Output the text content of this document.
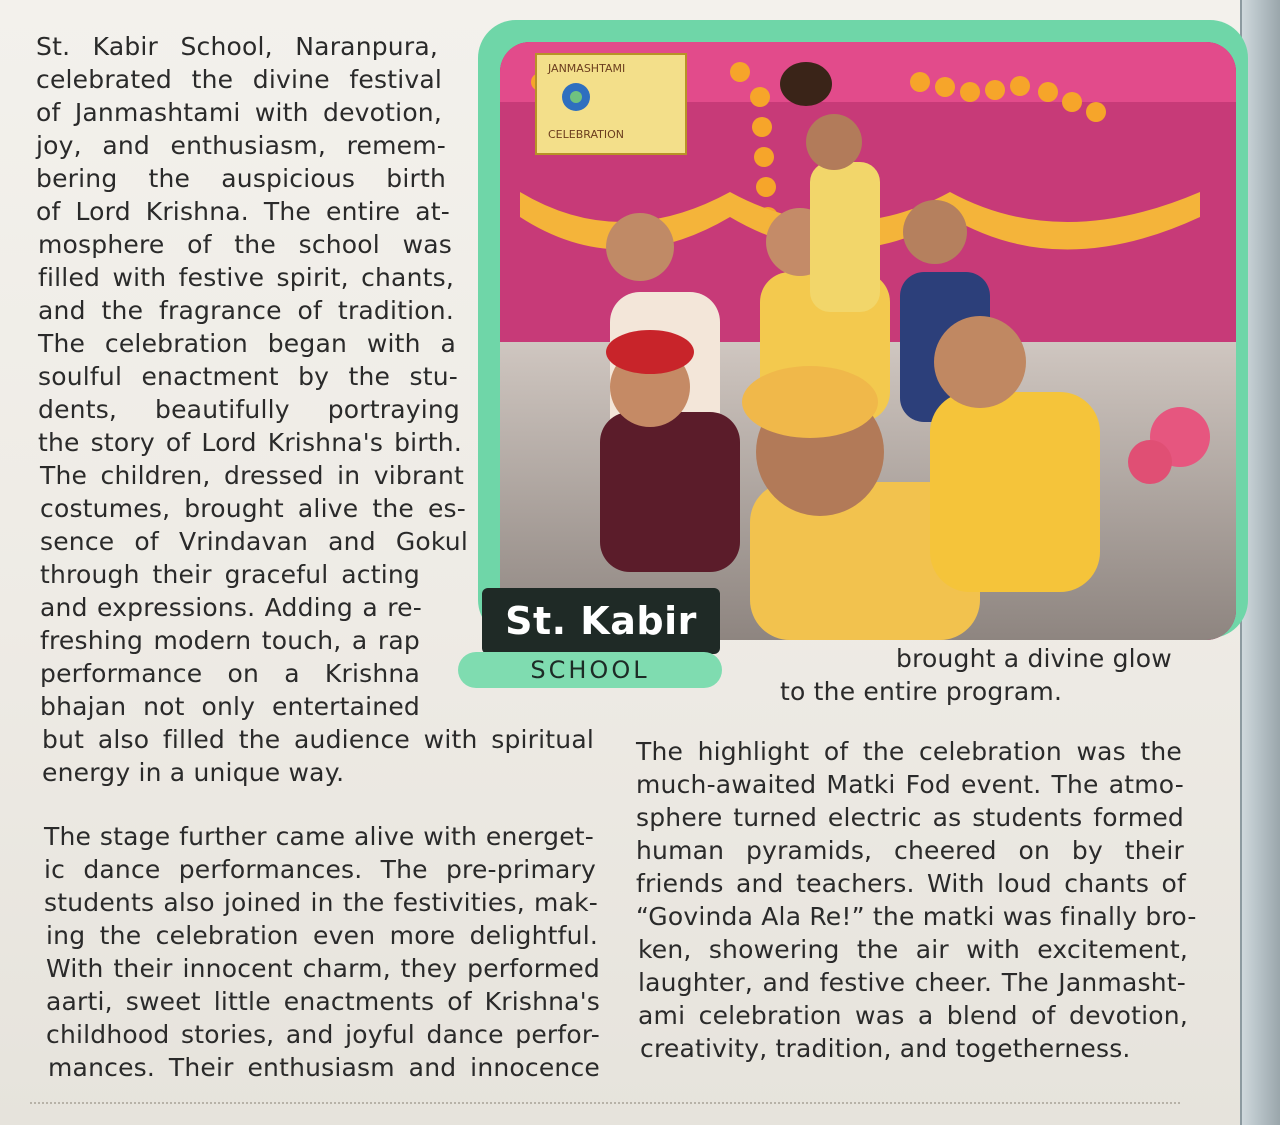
St. Kabir School, Naranpura,
celebrated the divine festival
of Janmashtami with devotion,
joy, and enthusiasm, remem-
bering the auspicious birth
of Lord Krishna. The entire at-
mosphere of the school was
filled with festive spirit, chants,
and the fragrance of tradition.
The celebration began with a
soulful enactment by the stu-
dents, beautifully portraying
the story of Lord Krishna's birth.
The children, dressed in vibrant
costumes, brought alive the es-
sence of Vrindavan and Gokul
through their graceful acting
and expressions. Adding a re-
freshing modern touch, a rap
performance on a Krishna
bhajan not only entertained
but also filled the audience with spiritual
energy in a unique way.
The stage further came alive with energet-
ic dance performances. The pre-primary
students also joined in the festivities, mak-
ing the celebration even more delightful.
With their innocent charm, they performed
aarti, sweet little enactments of Krishna's
childhood stories, and joyful dance perfor-
mances. Their enthusiasm and innocence
JANMASHTAMI
CELEBRATION
St. Kabir
SCHOOL	brought a divine glow
to the entire program.
The highlight of the celebration was the
much-awaited Matki Fod event. The atmo-
sphere turned electric as students formed
human pyramids, cheered on by their
friends and teachers. With loud chants of
“Govinda Ala Re!” the matki was finally bro-
ken, showering the air with excitement,
laughter, and festive cheer. The Janmasht-
ami celebration was a blend of devotion,
creativity, tradition, and togetherness.
